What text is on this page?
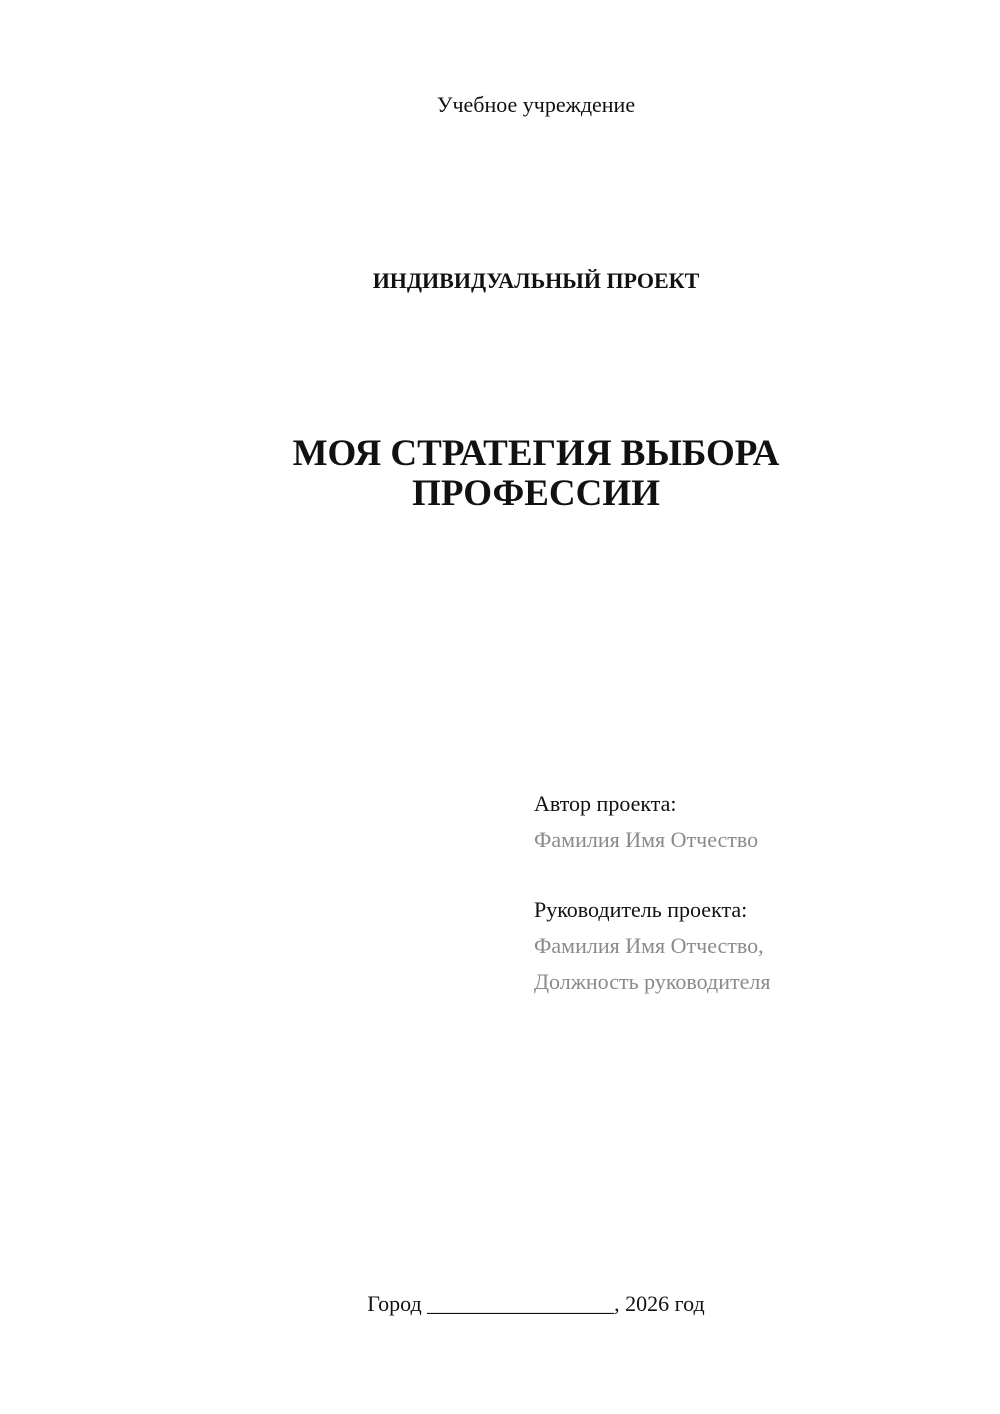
Учебное учреждение
ИНДИВИДУАЛЬНЫЙ ПРОЕКТ
МОЯ СТРАТЕГИЯ ВЫБОРА
ПРОФЕССИИ
Автор проекта:
Фамилия Имя Отчество
Руководитель проекта:
Фамилия Имя Отчество,
Должность руководителя
Город _________________, 2026 год
